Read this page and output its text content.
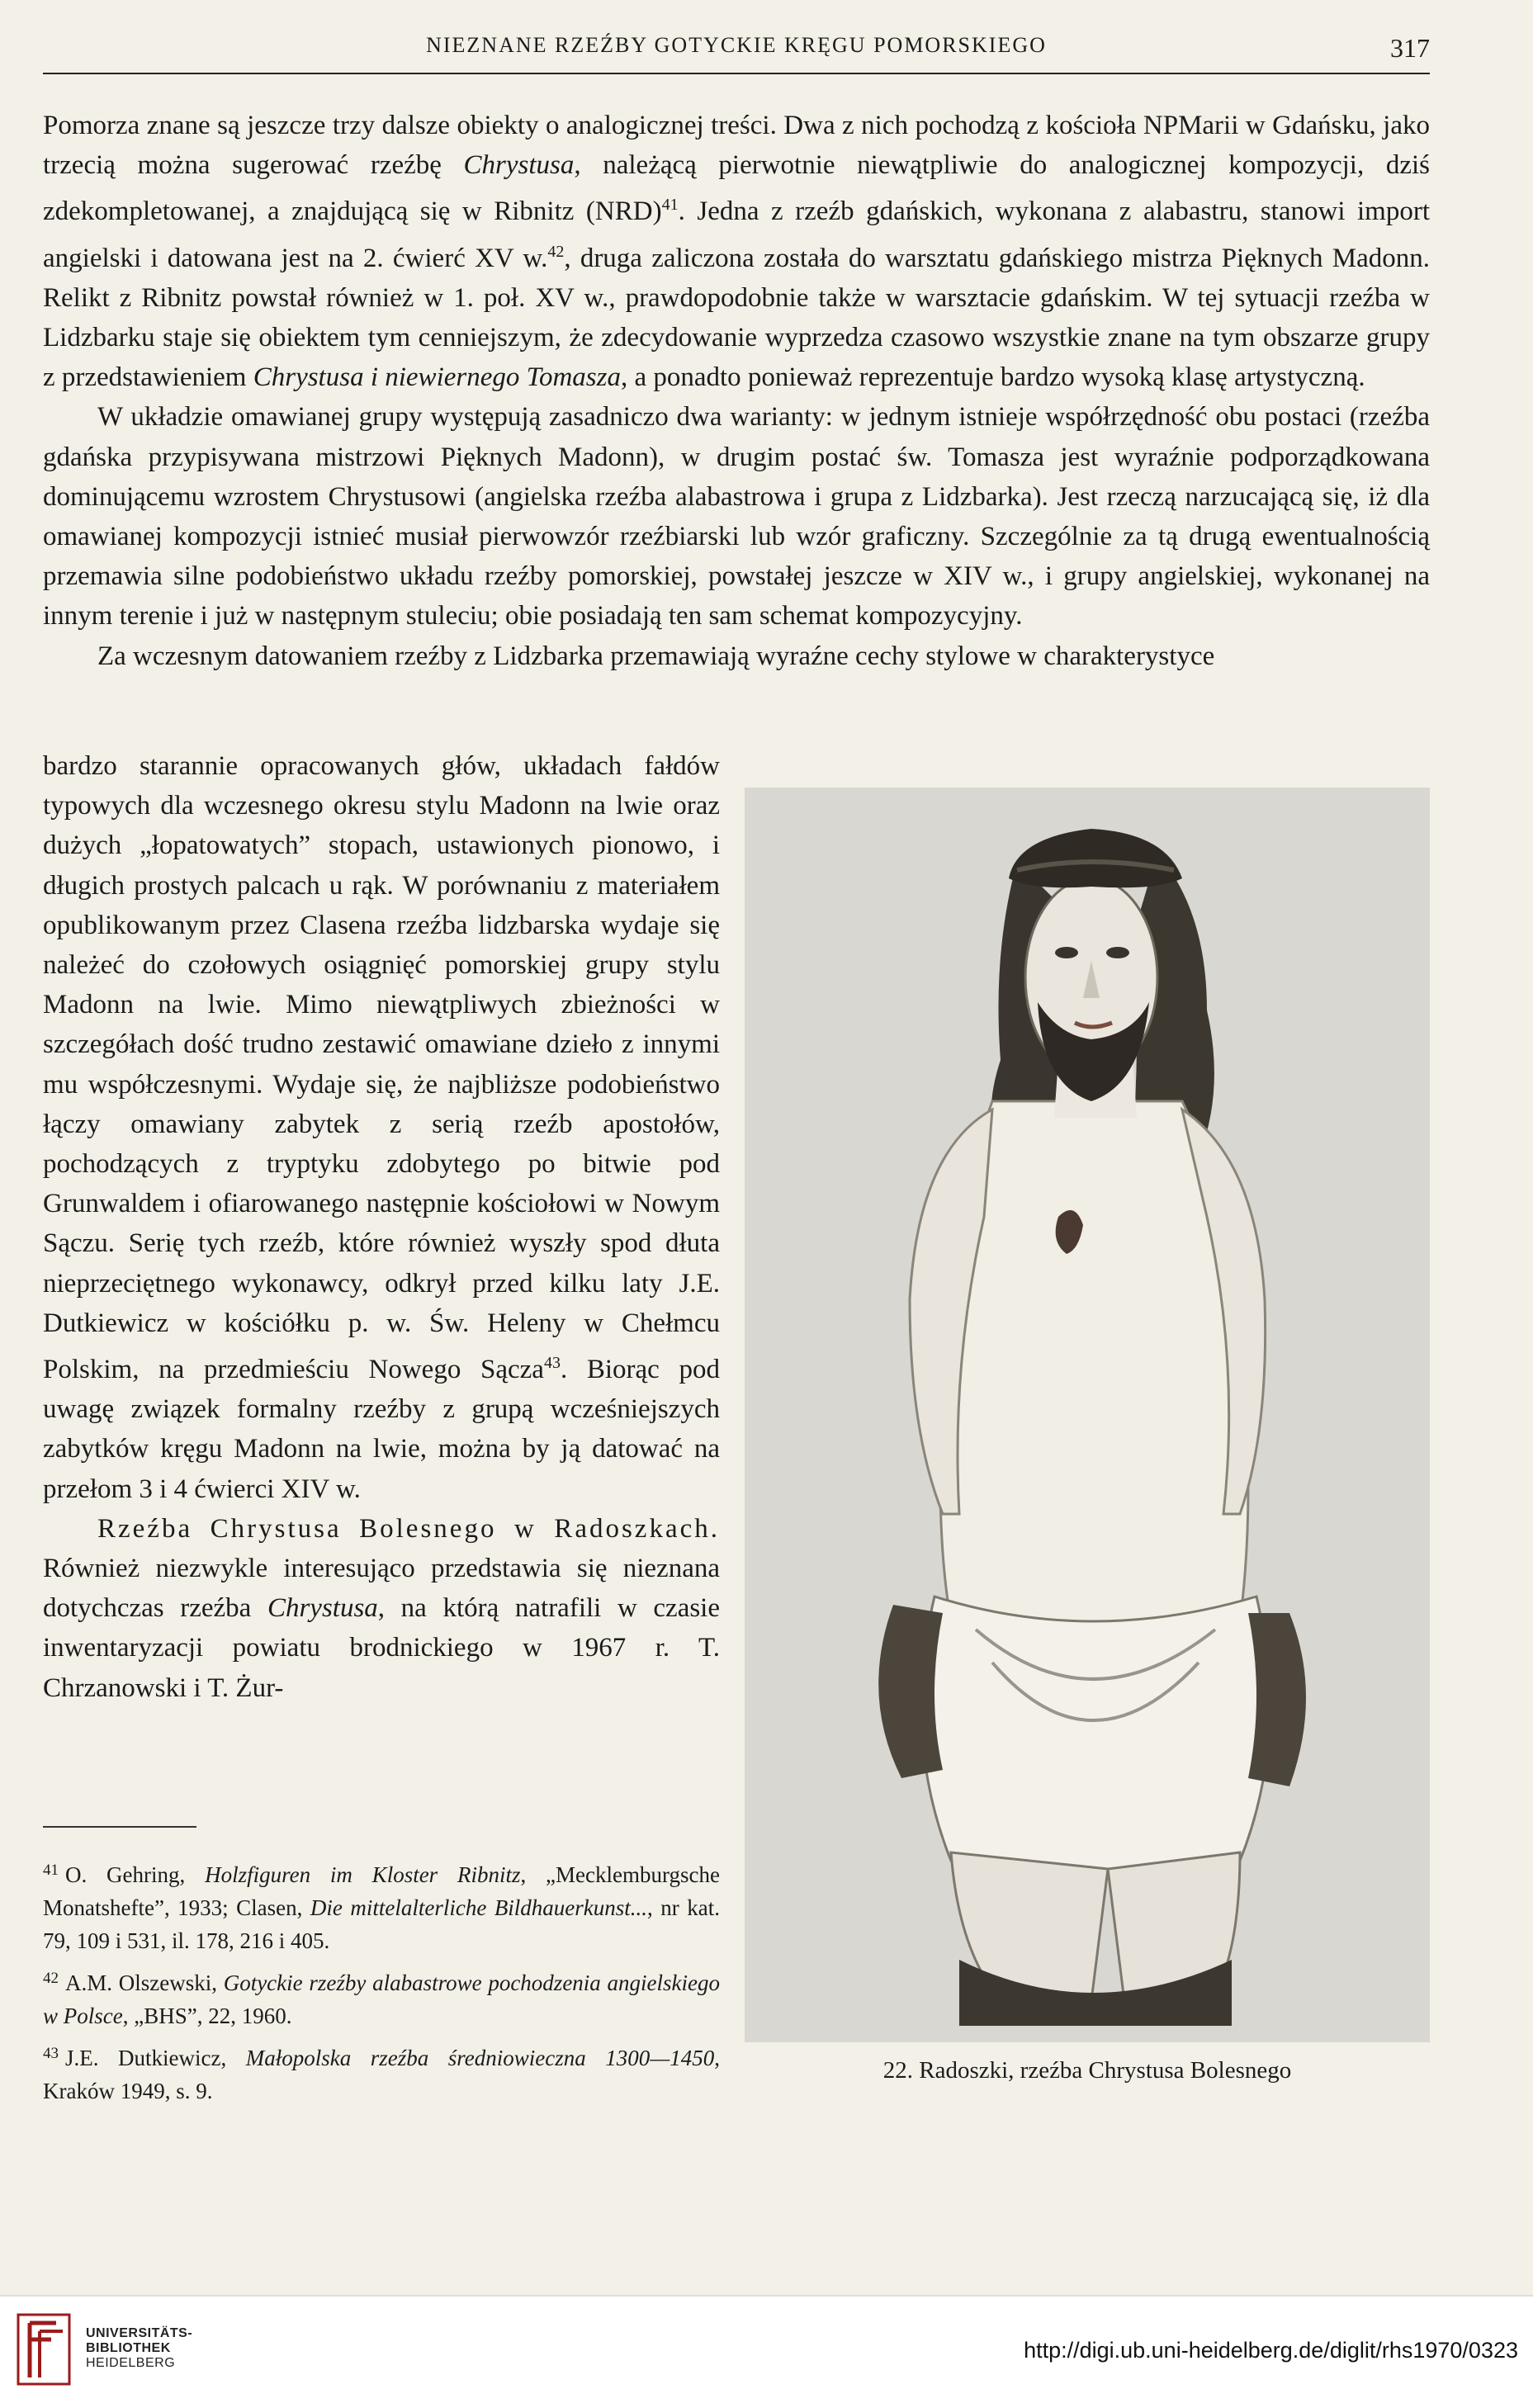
NIEZNANE RZEŹBY GOTYCKIE KRĘGU POMORSKIEGO	317

Pomorza znane są jeszcze trzy dalsze obiekty o analogicznej treści. Dwa z nich pochodzą z kościoła NPMarii w Gdańsku, jako trzecią można sugerować rzeźbę Chrystusa, należącą pierwotnie niewątpliwie do analogicznej kompozycji, dziś zdekompletowanej, a znajdującą się w Ribnitz (NRD)$^{41}$. Jedna z rzeźb gdańskich, wykonana z alabastru, stanowi import angielski i datowana jest na 2. ćwierć XV w.$^{42}$, druga zaliczona została do warsztatu gdańskiego mistrza Pięknych Madonn. Relikt z Ribnitz powstał również w 1. poł. XV w., prawdopodobnie także w warsztacie gdańskim. W tej sytuacji rzeźba w Lidzbarku staje się obiektem tym cenniejszym, że zdecydowanie wyprzedza czasowo wszystkie znane na tym obszarze grupy z przedstawieniem Chrystusa i niewiernego Tomasza, a ponadto ponieważ reprezentuje bardzo wysoką klasę artystyczną.

W układzie omawianej grupy występują zasadniczo dwa warianty: w jednym istnieje współrzędność obu postaci (rzeźba gdańska przypisywana mistrzowi Pięknych Madonn), w drugim postać św. Tomasza jest wyraźnie podporządkowana dominującemu wzrostem Chrystusowi (angielska rzeźba alabastrowa i grupa z Lidzbarka). Jest rzeczą narzucającą się, iż dla omawianej kompozycji istnieć musiał pierwowzór rzeźbiarski lub wzór graficzny. Szczególnie za tą drugą ewentualnością przemawia silne podobieństwo układu rzeźby pomorskiej, powstałej jeszcze w XIV w., i grupy angielskiej, wykonanej na innym terenie i już w następnym stuleciu; obie posiadają ten sam schemat kompozycyjny.

Za wczesnym datowaniem rzeźby z Lidzbarka przemawiają wyraźne cechy stylowe w charakterystyce

bardzo starannie opracowanych głów, układach fałdów typowych dla wczesnego okresu stylu Madonn na lwie oraz dużych „łopatowatych” stopach, ustawionych pionowo, i długich prostych palcach u rąk. W porównaniu z materiałem opublikowanym przez Clasena rzeźba lidzbarska wydaje się należeć do czołowych osiągnięć pomorskiej grupy stylu Madonn na lwie. Mimo niewątpliwych zbieżności w szczegółach dość trudno zestawić omawiane dzieło z innymi mu współczesnymi. Wydaje się, że najbliższe podobieństwo łączy omawiany zabytek z serią rzeźb apostołów, pochodzących z tryptyku zdobytego po bitwie pod Grunwaldem i ofiarowanego następnie kościołowi w Nowym Sączu. Serię tych rzeźb, które również wyszły spod dłuta nieprzeciętnego wykonawcy, odkrył przed kilku laty J.E. Dutkiewicz w kościółku p. w. Św. Heleny w Chełmcu Polskim, na przedmieściu Nowego Sącza$^{43}$. Biorąc pod uwagę związek formalny rzeźby z grupą wcześniejszych zabytków kręgu Madonn na lwie, można by ją datować na przełom 3 i 4 ćwierci XIV w.

Rzeźba Chrystusa Bolesnego w Radoszkach. Również niezwykle interesująco przedstawia się nieznana dotychczas rzeźba Chrystusa, na którą natrafili w czasie inwentaryzacji powiatu brodnickiego w 1967 r. T. Chrzanowski i T. Żur-

22. Radoszki, rzeźba Chrystusa Bolesnego

$^{41}$ O. Gehring, Holzfiguren im Kloster Ribnitz, „Mecklemburgsche Monatshefte”, 1933; Clasen, Die mittelalterliche Bildhauerkunst..., nr kat. 79, 109 i 531, il. 178, 216 i 405.

$^{42}$ A.M. Olszewski, Gotyckie rzeźby alabastrowe pochodzenia angielskiego w Polsce, „BHS”, 22, 1960.

$^{43}$ J.E. Dutkiewicz, Małopolska rzeźba średniowieczna 1300—1450, Kraków 1949, s. 9.

UNIVERSITÄTS-
BIBLIOTHEK
HEIDELBERG
http://digi.ub.uni-heidelberg.de/diglit/rhs1970/0323
